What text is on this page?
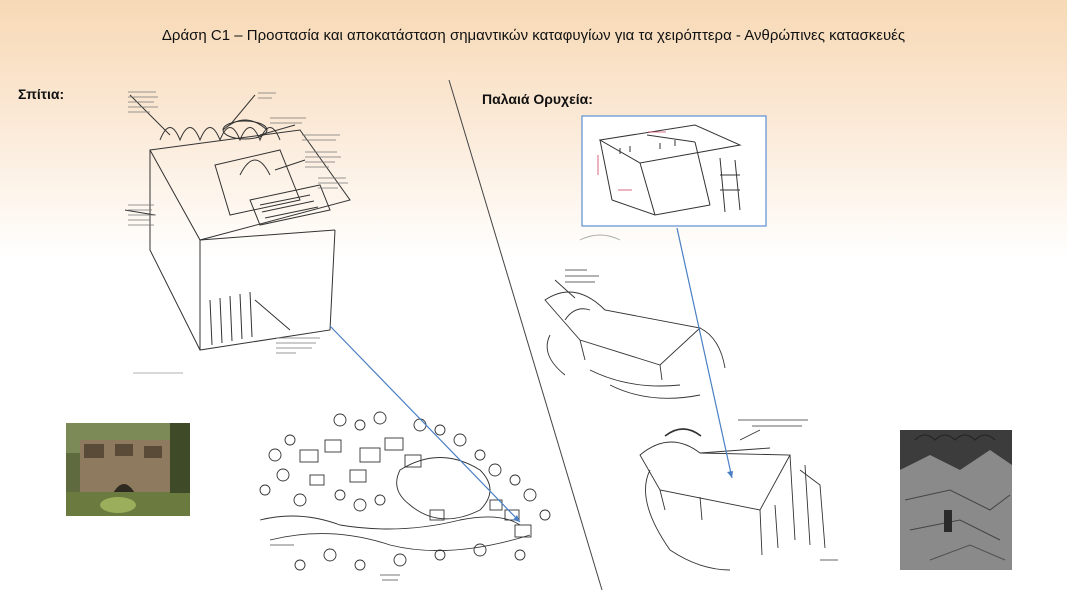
Δράση C1 – Προστασία και αποκατάσταση σημαντικών καταφυγίων για τα χειρόπτερα - Ανθρώπινες κατασκευές
Σπίτια:	Παλαιά Ορυχεία:
